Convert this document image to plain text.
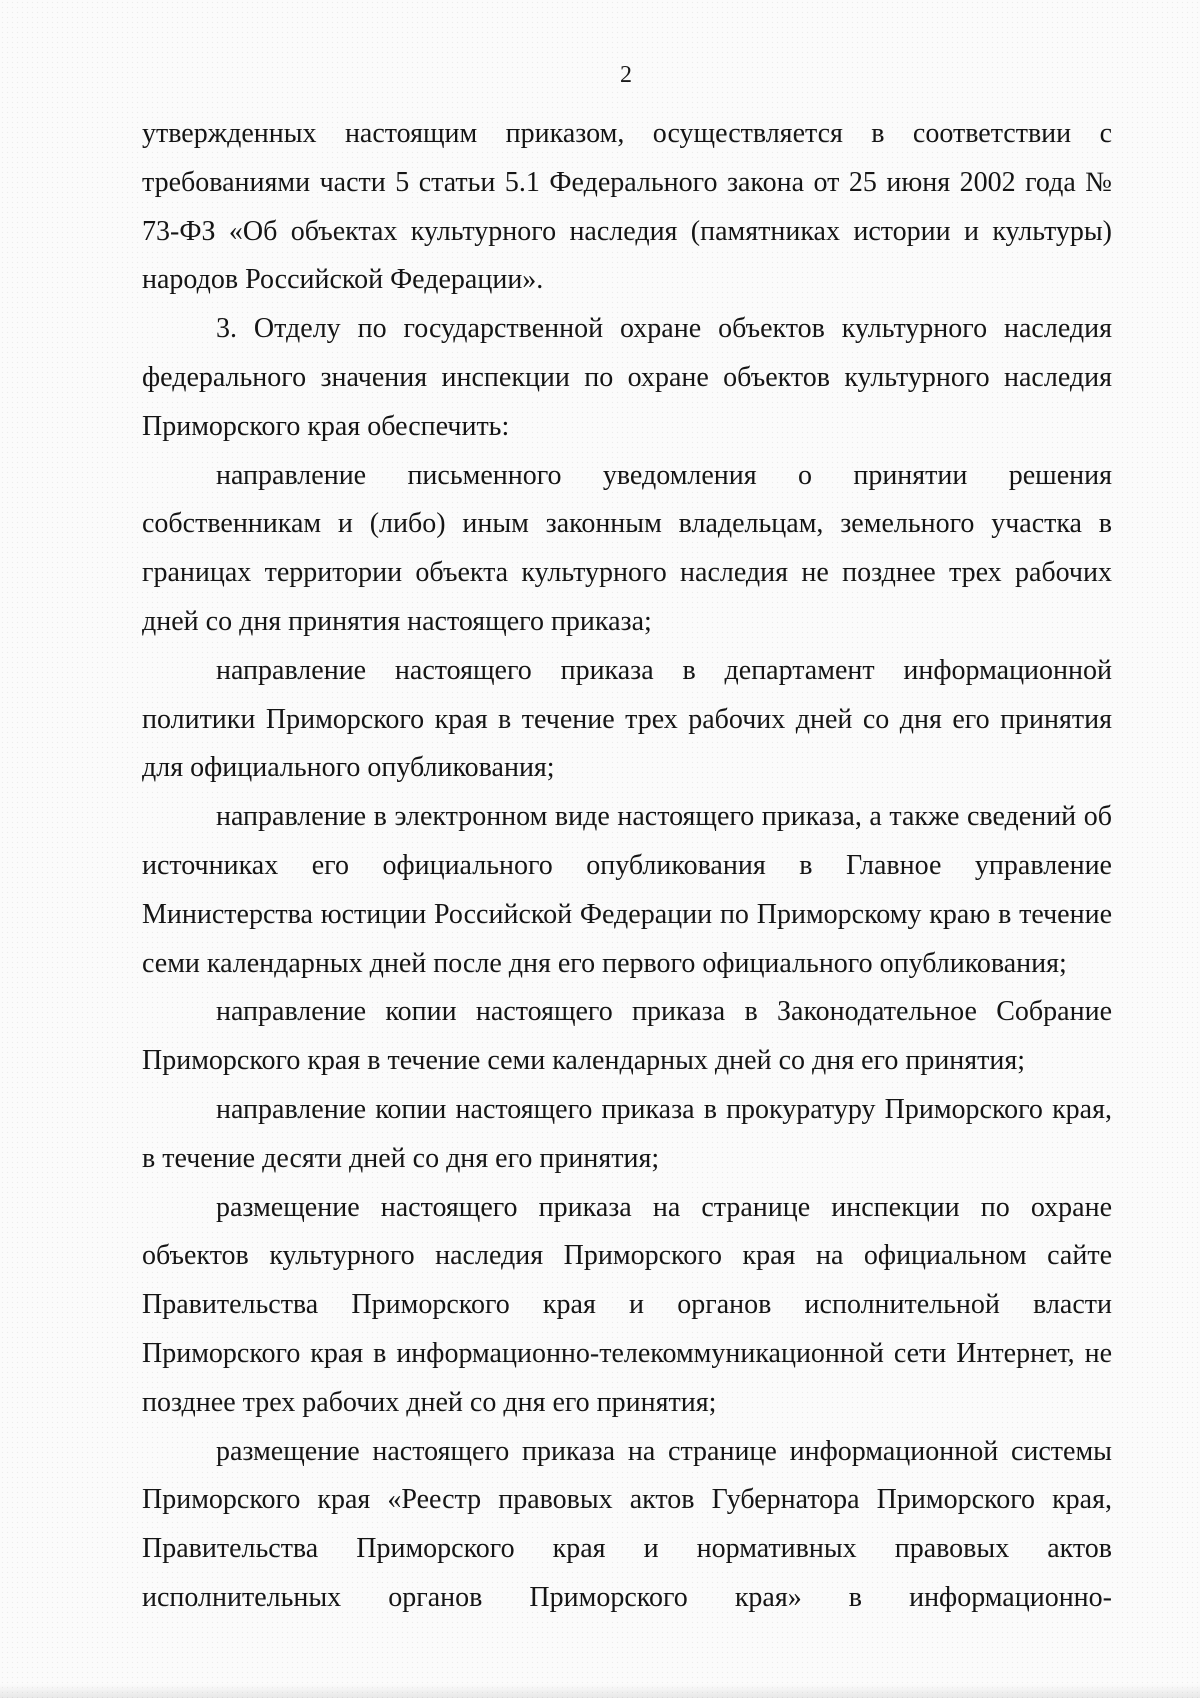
2

утвержденных настоящим приказом, осуществляется в соответствии с требованиями части 5 статьи 5.1 Федерального закона от 25 июня 2002 года № 73-ФЗ «Об объектах культурного наследия (памятниках истории и культуры) народов Российской Федерации».

3. Отделу по государственной охране объектов культурного наследия федерального значения инспекции по охране объектов культурного наследия Приморского края обеспечить:

направление письменного уведомления о принятии решения собственникам и (либо) иным законным владельцам, земельного участка в границах территории объекта культурного наследия не позднее трех рабочих дней со дня принятия настоящего приказа;

направление настоящего приказа в департамент информационной политики Приморского края в течение трех рабочих дней со дня его принятия для официального опубликования;

направление в электронном виде настоящего приказа, а также сведений об источниках его официального опубликования в Главное управление Министерства юстиции Российской Федерации по Приморскому краю в течение семи календарных дней после дня его первого официального опубликования;

направление копии настоящего приказа в Законодательное Собрание Приморского края в течение семи календарных дней со дня его принятия;

направление копии настоящего приказа в прокуратуру Приморского края, в течение десяти дней со дня его принятия;

размещение настоящего приказа на странице инспекции по охране объектов культурного наследия Приморского края на официальном сайте Правительства Приморского края и органов исполнительной власти Приморского края в информационно-телекоммуникационной сети Интернет, не позднее трех рабочих дней со дня его принятия;

размещение настоящего приказа на странице информационной системы Приморского края «Реестр правовых актов Губернатора Приморского края, Правительства Приморского края и нормативных правовых актов исполнительных органов Приморского края» в информационно-
